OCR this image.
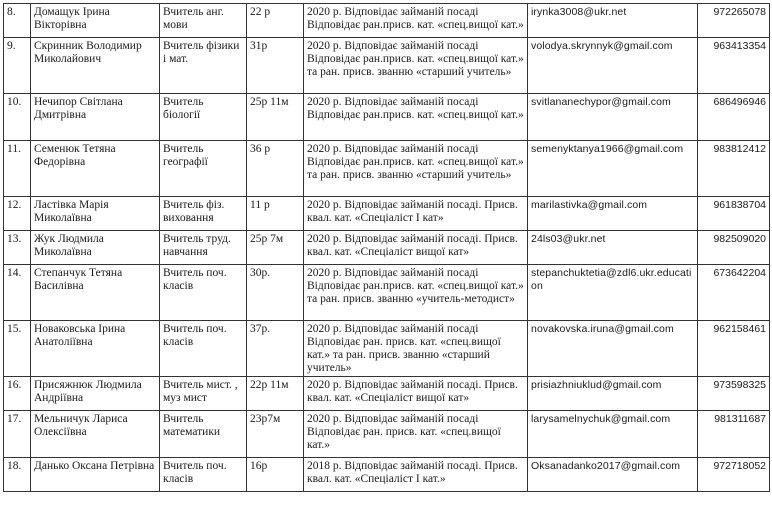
8.	Домащук Ірина Вікторівна	Вчитель анг. мови	22 р	2020 р. Відповідає займаній посаді Відповідає ран.присв. кат. «спец.вищої кат.»	irynka3008@ukr.net	972265078
9.	Скринник Володимир Миколайович	Вчитель фізики і мат.	31р	2020 р. Відповідає займаній посаді Відповідає ран.присв. кат. «спец.вищої кат.» та ран. присв. званню «старший учитель»	volodya.skrynnyk@gmail.com	963413354
10.	Нечипор Світлана Дмитрівна	Вчитель біології	25р 11м	2020 р. Відповідає займаній посаді Відповідає ран.присв. кат. «спец.вищої кат.»	svitlananechypor@gmail.com	686496946
11.	Семенюк Тетяна Федорівна	Вчитель географії	36 р	2020 р. Відповідає займаній посаді Відповідає ран.присв. кат. «спец.вищої кат.» та ран. присв. званню «старший учитель»	semenyktanya1966@gmail.com	983812412
12.	Ластівка Марія Миколаївна	Вчитель фіз. виховання	11 р	2020 р. Відповідає займаній посаді. Присв. квал. кат. «Спеціаліст І кат»	marilastivka@gmail.com	961838704
13.	Жук Людмила Миколаївна	Вчитель труд. навчання	25р 7м	2020 р. Відповідає займаній посаді. Присв. квал. кат. «Спеціаліст вищої кат»	24ls03@ukr.net	982509020
14.	Степанчук Тетяна Василівна	Вчитель поч. класів	30р.	2020 р. Відповідає займаній посаді Відповідає ран.присв. кат. «спец.вищої кат.» та ран. присв. званню «учитель-методист»	stepanchuktetia@zdl6.ukr.education	673642204
15.	Новаковська Ірина Анатоліївна	Вчитель поч. класів	37р.	2020 р. Відповідає займаній посаді Відповідає ран. присв. кат. «спец.вищої кат.» та ран. присв. званню «старший учитель»	novakovska.iruna@gmail.com	962158461
16.	Присяжнюк Людмила Андріївна	Вчитель мист. , муз мист	22р 11м	2020 р. Відповідає займаній посаді. Присв. квал. кат. «Спеціаліст вищої кат»	prisiazhniuklud@gmail.com	973598325
17.	Мельничук Лариса Олексіївна	Вчитель математики	23р7м	2020 р. Відповідає займаній посаді Відповідає ран. присв. кат. «спец.вищої кат.»	larysamelnychuk@gmail.com	981311687
18.	Данько Оксана Петрівна	Вчитель поч. класів	16р	2018 р. Відповідає займаній посаді. Присв. квал. кат. «Спеціаліст І кат.»	Oksanadanko2017@gmail.com	972718052
